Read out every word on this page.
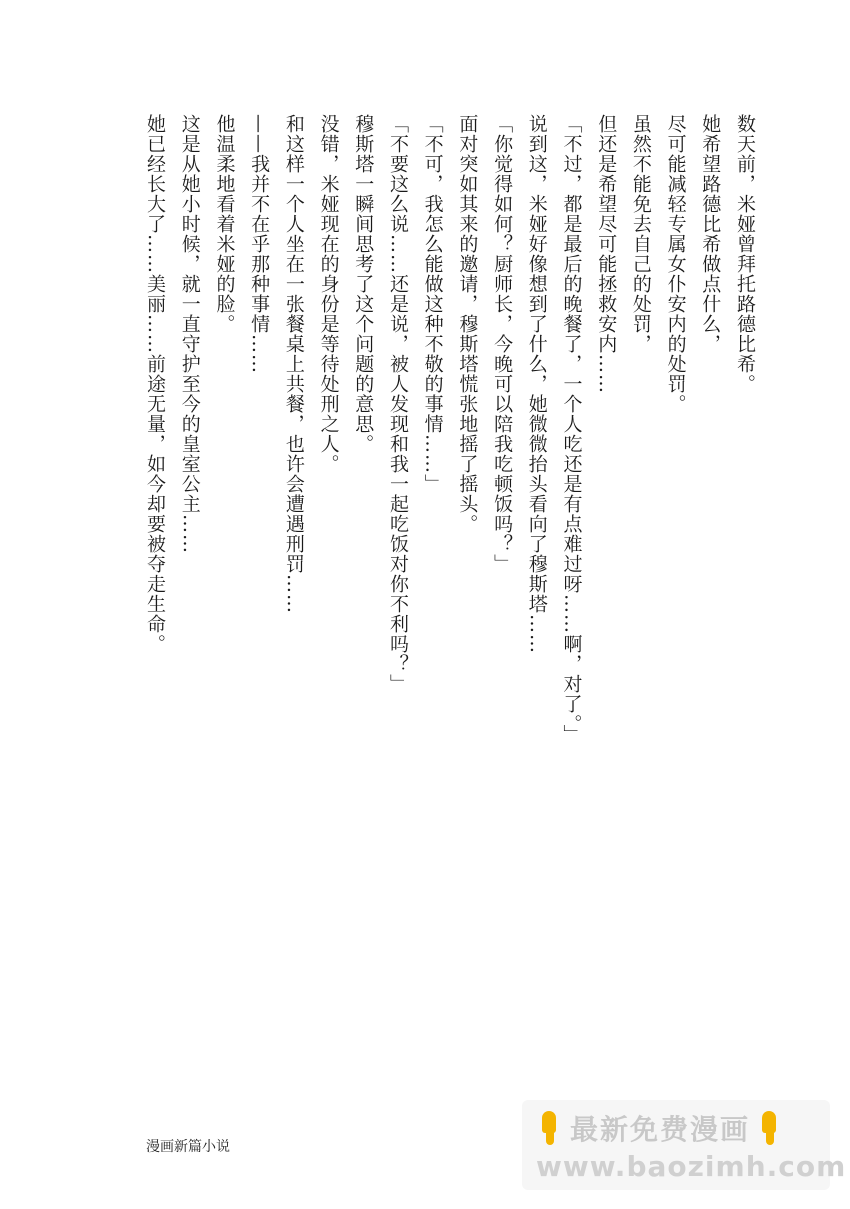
数天前，米娅曾拜托路德比希。

她希望路德比希做点什么，

尽可能减轻专属女仆安内的处罚。

虽然不能免去自己的处罚，

但还是希望尽可能拯救安内……

「不过，都是最后的晚餐了，一个人吃还是有点难过呀……啊，对了。」

说到这，米娅好像想到了什么，她微微抬头看向了穆斯塔……

「你觉得如何？厨师长，今晚可以陪我吃顿饭吗？」

面对突如其来的邀请，穆斯塔慌张地摇了摇头。

「不可，我怎么能做这种不敬的事情……」

「不要这么说……还是说，被人发现和我一起吃饭对你不利吗？」

穆斯塔一瞬间思考了这个问题的意思。

没错，米娅现在的身份是等待处刑之人。

和这样一个人坐在一张餐桌上共餐，也许会遭遇刑罚……

——我并不在乎那种事情……

他温柔地看着米娅的脸。

这是从她小时候，就一直守护至今的皇室公主……

她已经长大了……美丽……前途无量，如今却要被夺走生命。

漫画新篇小说
最新免费漫画
www.baozimh.com
